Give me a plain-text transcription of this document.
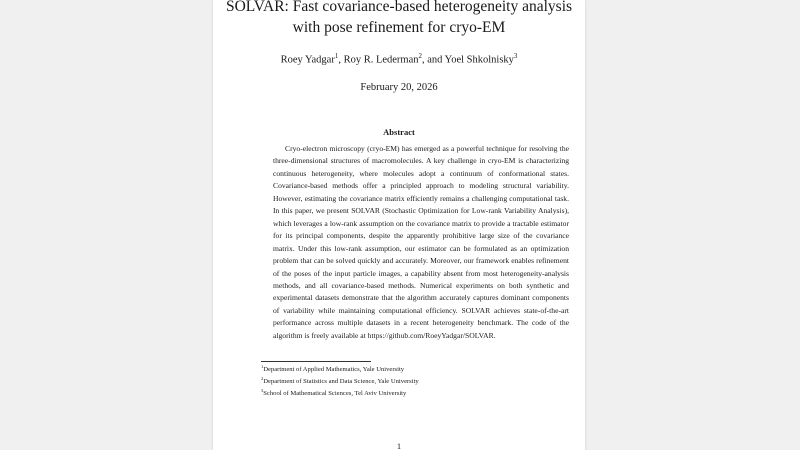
SOLVAR: Fast covariance-based heterogeneity analysis
with pose refinement for cryo-EM
Roey Yadgar$^1$, Roy R. Lederman$^2$, and Yoel Shkolnisky$^3$
February 20, 2026
Abstract
Cryo-electron microscopy (cryo-EM) has emerged as a powerful technique for resolving the three-dimensional structures of macromolecules. A key challenge in cryo-EM is characterizing continuous heterogeneity, where molecules adopt a continuum of conformational states. Covariance-based methods offer a principled approach to modeling structural variability. However, estimating the covariance matrix efficiently remains a challenging computational task. In this paper, we present SOLVAR (Stochastic Optimization for Low-rank Variability Analysis), which leverages a low-rank assumption on the covariance matrix to provide a tractable estimator for its principal components, despite the apparently prohibitive large size of the covariance matrix. Under this low-rank assumption, our estimator can be formulated as an optimization problem that can be solved quickly and accurately. Moreover, our framework enables refinement of the poses of the input particle images, a capability absent from most heterogeneity-analysis methods, and all covariance-based methods. Numerical experiments on both synthetic and experimental datasets demonstrate that the algorithm accurately captures dominant components of variability while maintaining computational efficiency. SOLVAR achieves state-of-the-art performance across multiple datasets in a recent heterogeneity benchmark. The code of the algorithm is freely available at https://github.com/RoeyYadgar/SOLVAR.
$^1$Department of Applied Mathematics, Yale University
$^2$Department of Statistics and Data Science, Yale University
$^3$School of Mathematical Sciences, Tel Aviv University
1
